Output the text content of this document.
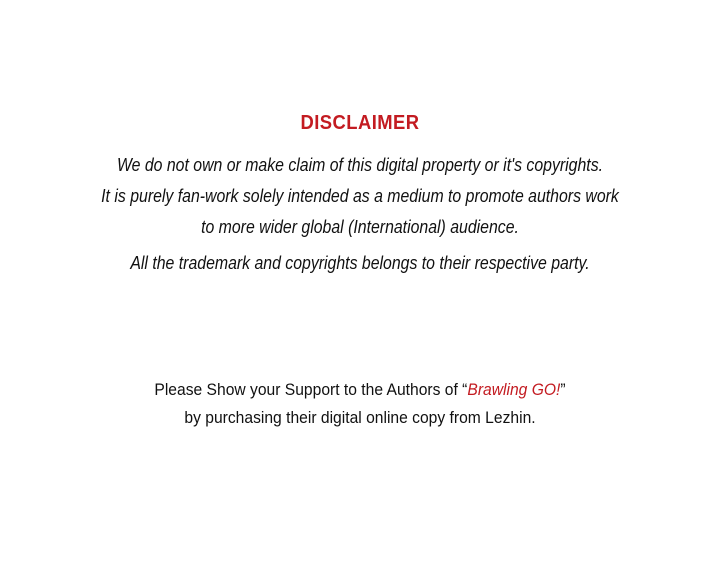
DISCLAIMER

We do not own or make claim of this digital property or it's copyrights.

It is purely fan-work solely intended as a medium to promote authors work

to more wider global (International) audience.

All the trademark and copyrights belongs to their respective party.

Please Show your Support to the Authors of “Brawling GO!”

by purchasing their digital online copy from Lezhin.
